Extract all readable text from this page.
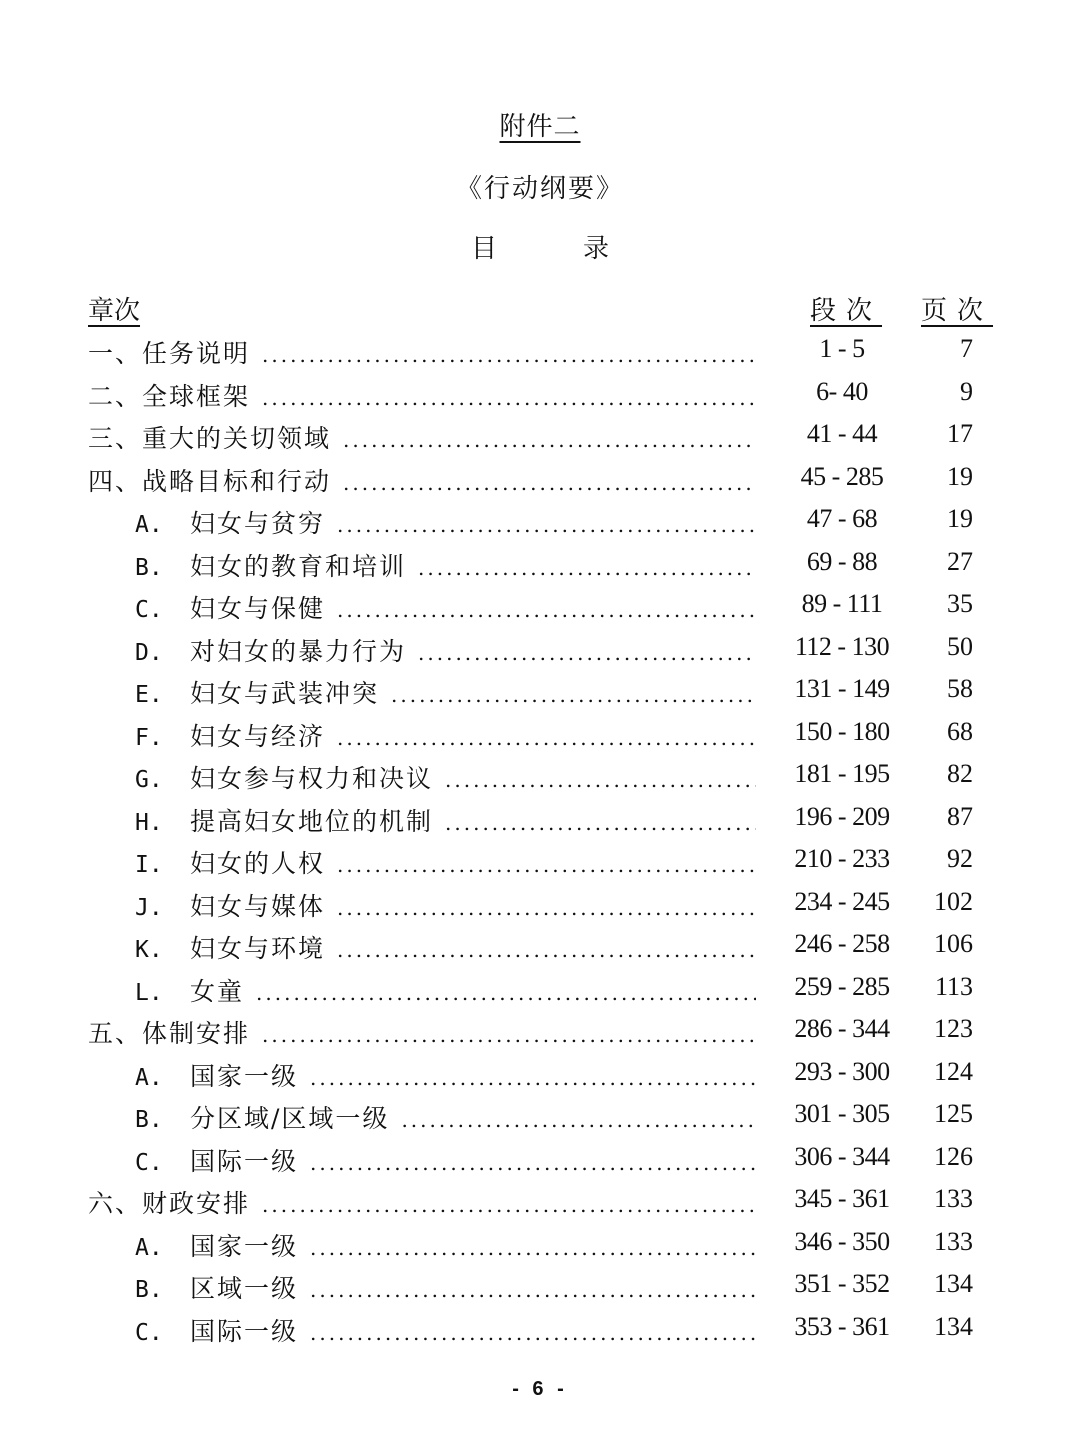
附件二
《行动纲要》
目　录
章次	段次 页次
一、任务说明 .....	1 - 5	7
二、全球框架 .....	6- 40	9
三、重大的关切领域 .....	41 - 44	17
四、战略目标和行动 .....	45 - 285	19
A.	妇女与贫穷 .....	47 - 68	19
B.	妇女的教育和培训 .....	69 - 88	27
C.	妇女与保健 .....	89 - 111	35
D.	对妇女的暴力行为 .....	112 - 130	50
E.	妇女与武装冲突 .....	131 - 149	58
F.	妇女与经济 .....	150 - 180	68
G.	妇女参与权力和决议 .....	181 - 195	82
H.	提高妇女地位的机制 .....	196 - 209	87
I.	妇女的人权 .....	210 - 233	92
J.	妇女与媒体 .....	234 - 245	102
K.	妇女与环境 .....	246 - 258	106
L.	女童 .....	259 - 285	113
五、体制安排 .....	286 - 344	123
A.	国家一级 .....	293 - 300	124
B.	分区域/区域一级 .....	301 - 305	125
C.	国际一级 .....	306 - 344	126
六、财政安排 .....	345 - 361	133
A.	国家一级 .....	346 - 350	133
B.	区域一级 .....	351 - 352	134
C.	国际一级 .....	353 - 361	134
- 6 -
